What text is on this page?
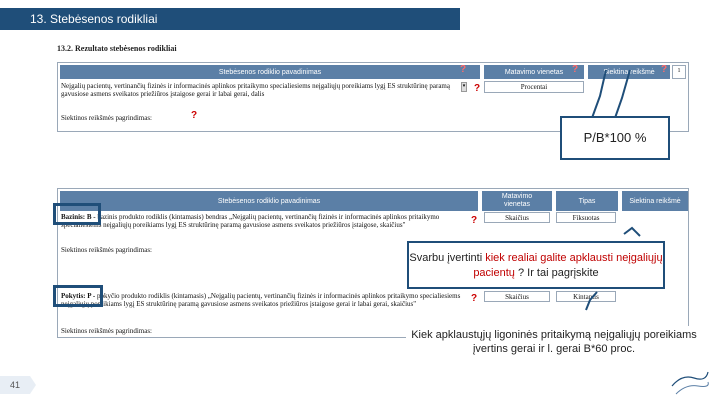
13. Stebėsenos rodikliai
13.2. Rezultato stebėsenos rodikliai
Stebėsenos rodiklio pavadinimas	?	Matavimo vienetas ?	Siektina reikšmė ?	1
Neįgalių pacientų, vertinančių fizinės ir informacinės aplinkos pritaikymo specialiesiems neįgaliųjų poreikiams lygį ES struktūrinę paramą gavusiose asmens sveikatos priežiūros įstaigose gerai ir labai gerai, dalis
▾ ?	Procentai
Siektinos reikšmės pagrindimas:	?
Stebėsenos rodiklio pavadinimas
Matavimo vienetas	Tipas	Siektina reikšmė
Bazinis: B - bazinis produkto rodiklis (kintamasis) bendras „Neįgalių pacientų, vertinančių fizinės ir informacinės aplinkos pritaikymo specialiesiems neįgaliųjų poreikiams lygį ES struktūrinę paramą gavusiose asmens sveikatos priežiūros įstaigose, skaičius"	?	Skaičius	Fiksuotas
Siektinos reikšmės pagrindimas:
Pokytis: P - pokyčio produkto rodiklis (kintamasis) „Neįgalių pacientų, vertinančių fizinės ir informacinės aplinkos pritaikymo specialiesiems neįgaliųjų poreikiams lygį ES struktūrinę paramą gavusiose asmens sveikatos priežiūros įstaigose gerai ir labai gerai, skaičius"	?	Skaičius	Kintantis
Siektinos reikšmės pagrindimas:
P/B*100 %
Svarbu įvertinti kiek realiai galite apklausti neįgaliųjų pacientų ? Ir tai pagrįskite
Kiek apklaustųjų ligoninės pritaikymą neįgaliųjų poreikiams įvertins gerai ir l. gerai B*60 proc.
41
